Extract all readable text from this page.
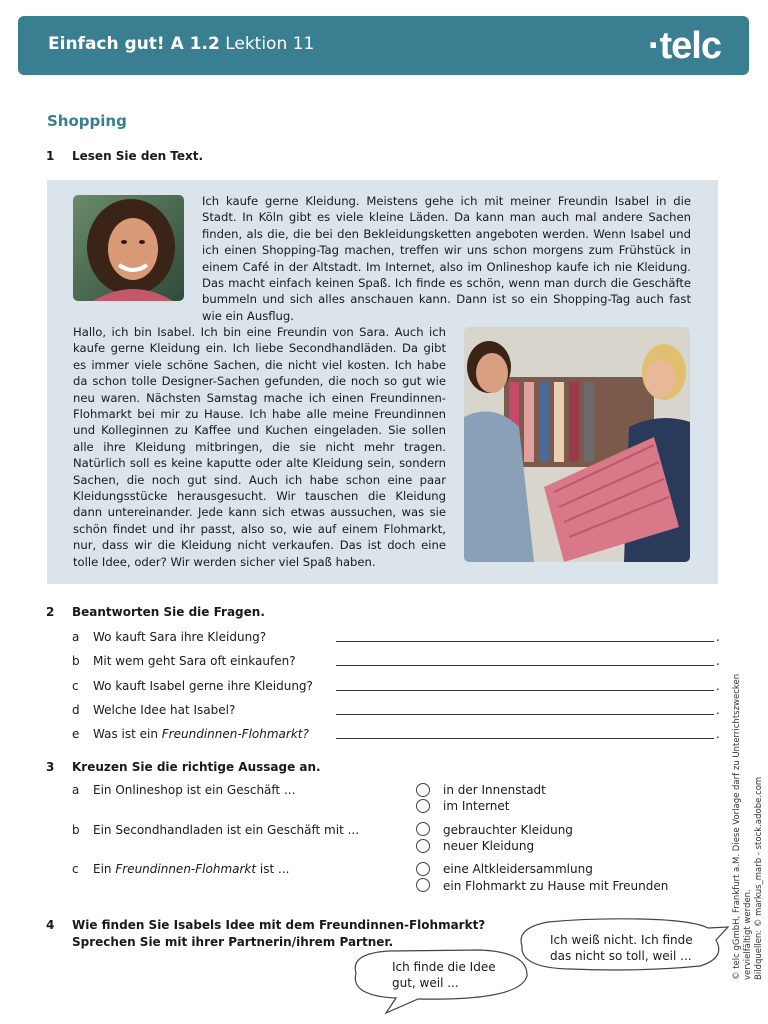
Einfach gut! A 1.2 Lektion 11	·telc
Shopping
1 Lesen Sie den Text.

Ich kaufe gerne Kleidung. Meistens gehe ich mit meiner Freundin Isabel in die Stadt. In Köln gibt es viele kleine Läden. Da kann man auch mal andere Sachen finden, als die, die bei den Bekleidungsketten angeboten werden. Wenn Isabel und ich einen Shopping-Tag machen, treffen wir uns schon morgens zum Frühstück in einem Café in der Altstadt. Im Internet, also im Onlineshop kaufe ich nie Kleidung. Das macht einfach keinen Spaß. Ich finde es schön, wenn man durch die Geschäfte bummeln und sich alles anschauen kann. Dann ist so ein Shopping-Tag auch fast wie ein Ausflug.

Hallo, ich bin Isabel. Ich bin eine Freundin von Sara. Auch ich kaufe gerne Kleidung ein. Ich liebe Secondhandläden. Da gibt es immer viele schöne Sachen, die nicht viel kosten. Ich habe da schon tolle Designer-Sachen gefunden, die noch so gut wie neu waren. Nächsten Samstag mache ich einen Freundinnen-Flohmarkt bei mir zu Hause. Ich habe alle meine Freundinnen und Kolleginnen zu Kaffee und Kuchen eingeladen. Sie sollen alle ihre Kleidung mitbringen, die sie nicht mehr tragen. Natürlich soll es keine kaputte oder alte Kleidung sein, sondern Sachen, die noch gut sind. Auch ich habe schon eine paar Kleidungsstücke herausgesucht. Wir tauschen die Kleidung dann untereinander. Jede kann sich etwas aussuchen, was sie schön findet und ihr passt, also so, wie auf einem Flohmarkt, nur, dass wir die Kleidung nicht verkaufen. Das ist doch eine tolle Idee, oder? Wir werden sicher viel Spaß haben.

2 Beantworten Sie die Fragen.
a Wo kauft Sara ihre Kleidung?	.
b Mit wem geht Sara oft einkaufen?	.
c Wo kauft Isabel gerne ihre Kleidung?	.
d Welche Idee hat Isabel?	.
e Was ist ein Freundinnen-Flohmarkt?	.
3 Kreuzen Sie die richtige Aussage an.
a Ein Onlineshop ist ein Geschäft ...	in der Innenstadt
im Internet
b Ein Secondhandladen ist ein Geschäft mit ...	gebrauchter Kleidung
neuer Kleidung
c Ein Freundinnen-Flohmarkt ist ...	eine Altkleidersammlung
ein Flohmarkt zu Hause mit Freunden
4 Wie finden Sie Isabels Idee mit dem Freundinnen-Flohmarkt?
Sprechen Sie mit ihrer Partnerin/ihrem Partner.
Ich finde die Idee
gut, weil ...
Ich weiß nicht. Ich finde
das nicht so toll, weil ...	© telc gGmbH, Frankfurt a.M. Diese Vorlage darf zu Unterrichtszwecken vervielfältigt werden. Bildquellen: © markus_marb - stock.adobe.com
